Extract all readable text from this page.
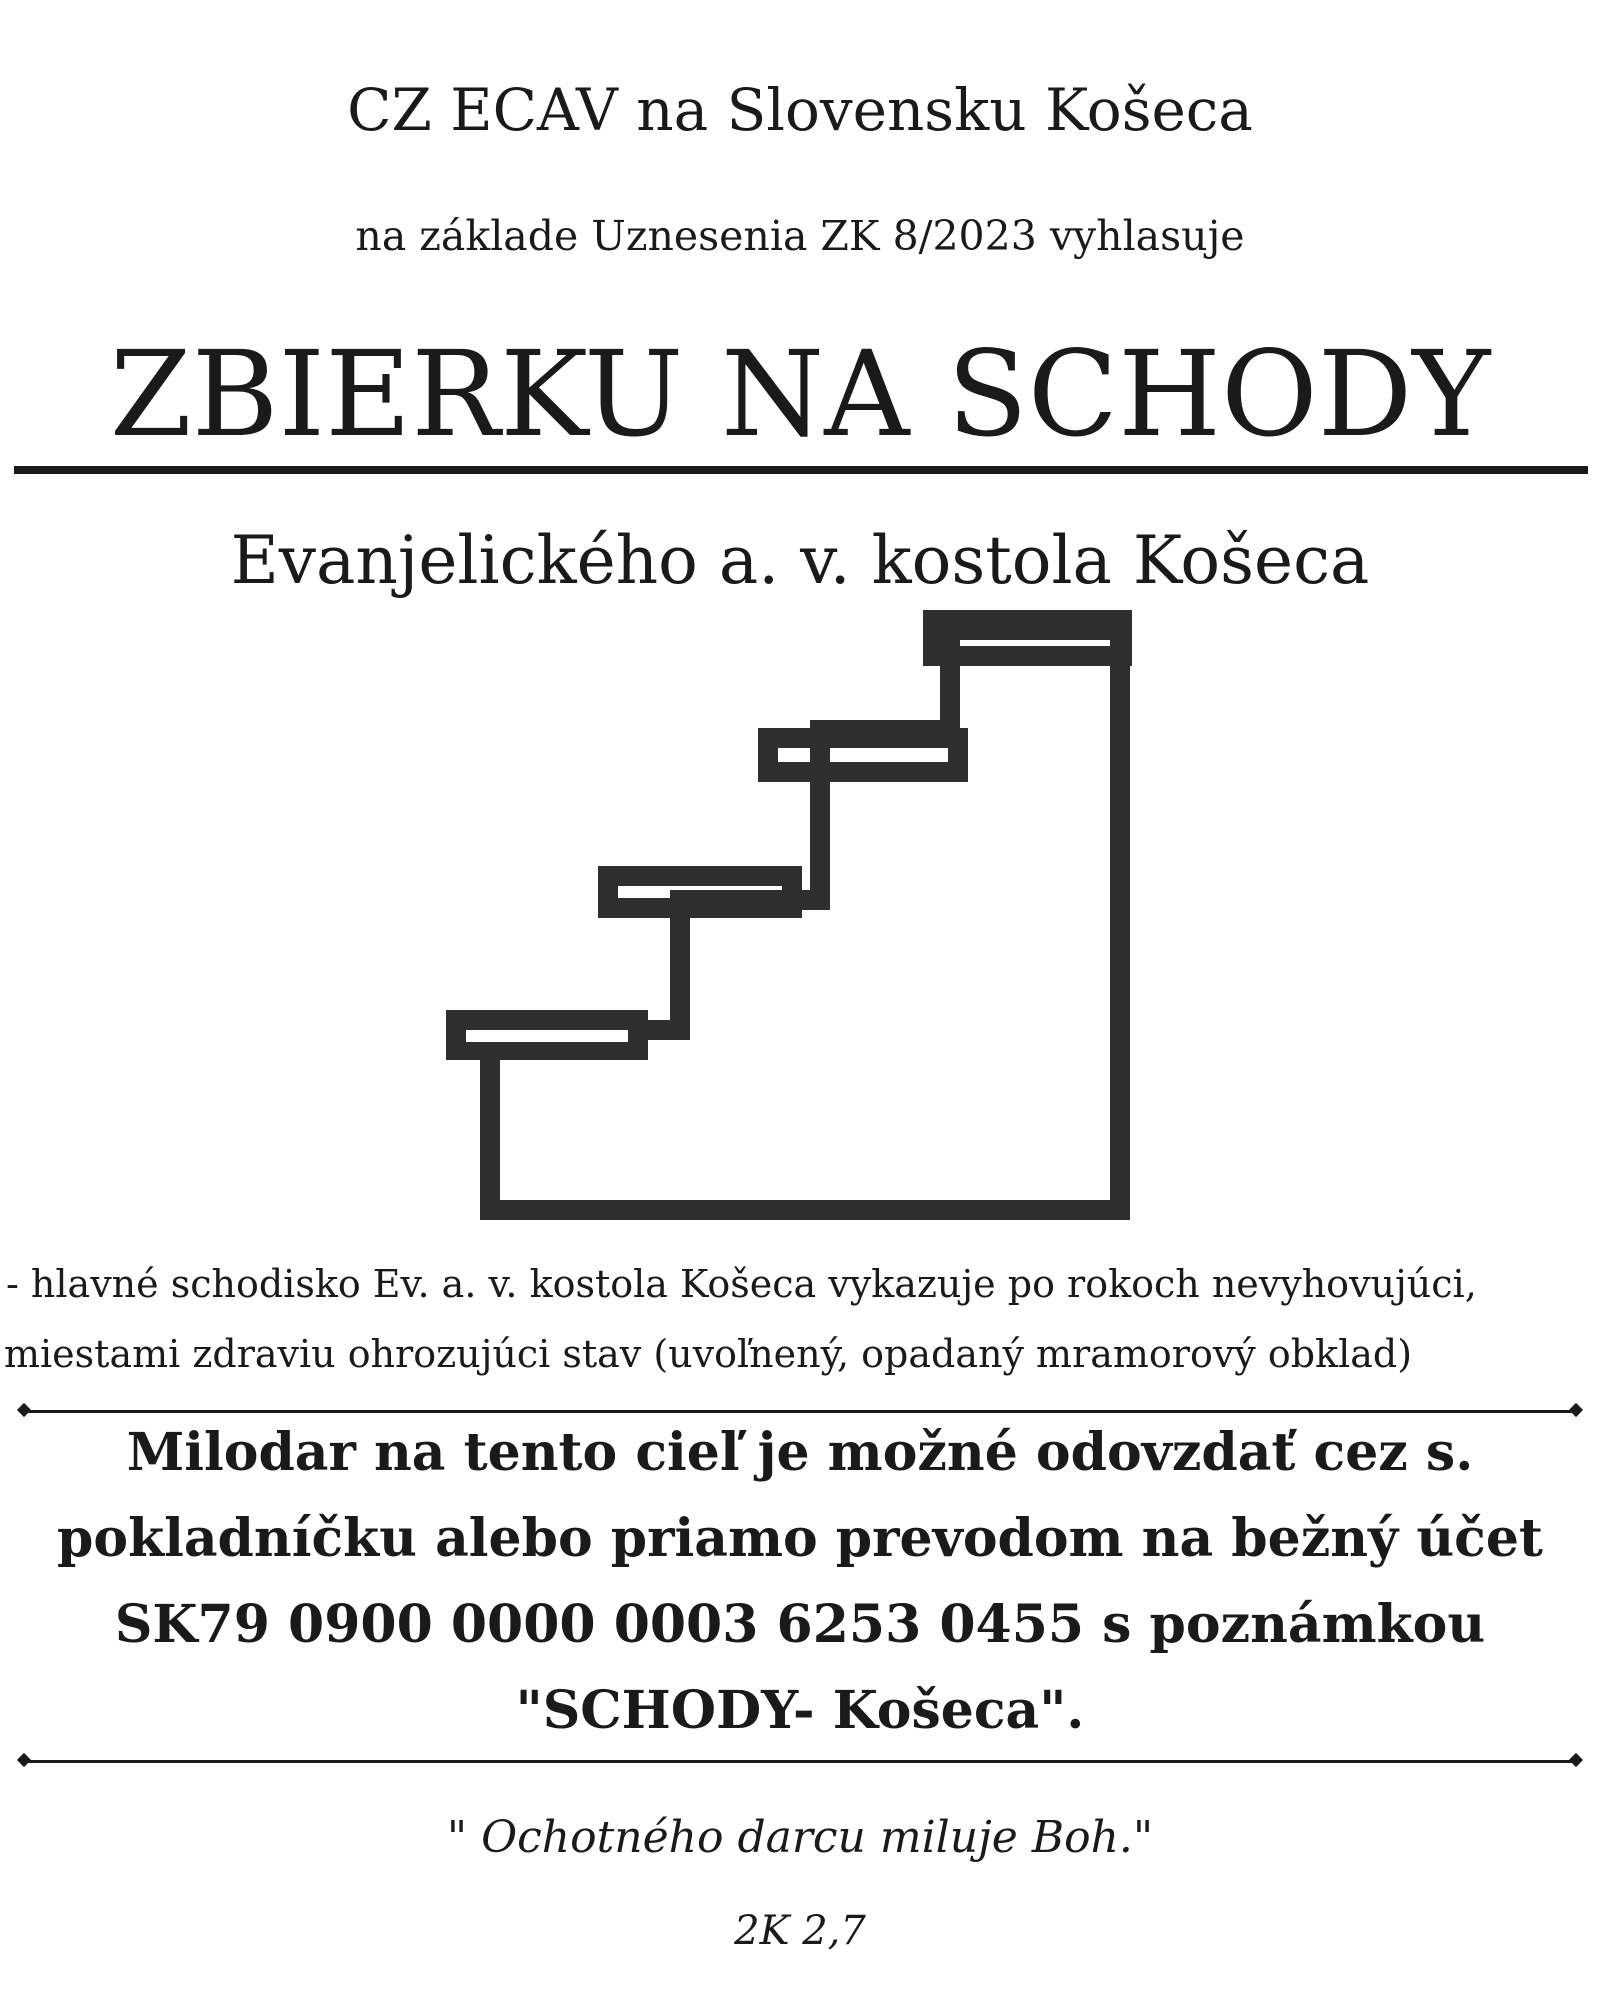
CZ ECAV na Slovensku Košeca
na základe Uznesenia ZK 8/2023 vyhlasuje
ZBIERKU NA SCHODY
Evanjelického a. v. kostola Košeca

- hlavné schodisko Ev. a. v. kostola Košeca vykazuje po rokoch nevyhovujúci,

miestami zdraviu ohrozujúci stav (uvoľnený, opadaný mramorový obklad)

Milodar na tento cieľ je možné odovzdať cez s.

pokladníčku alebo priamo prevodom na bežný účet

SK79 0900 0000 0003 6253 0455 s poznámkou

"SCHODY- Košeca".

" Ochotného darcu miluje Boh."
2K 2,7
